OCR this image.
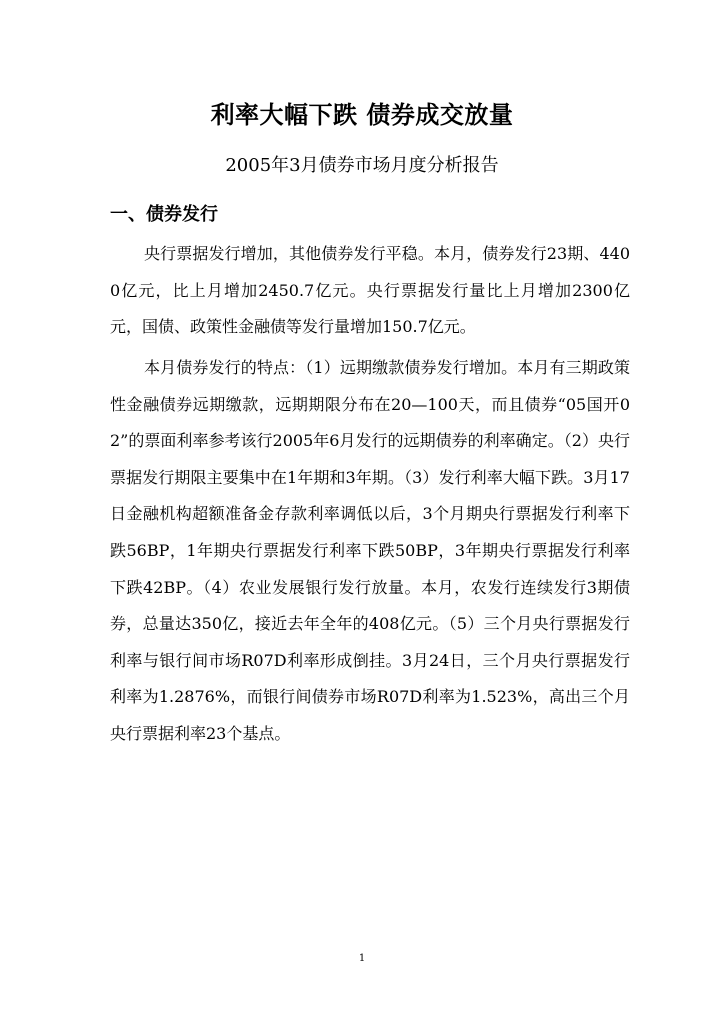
利率大幅下跌 债券成交放量
2005年3月债券市场月度分析报告
一、债券发行
央行票据发行增加，其他债券发行平稳。本月，债券发行23期、4400亿元，比上月增加2450.7亿元。央行票据发行量比上月增加2300亿元，国债、政策性金融债等发行量增加150.7亿元。
本月债券发行的特点：（1）远期缴款债券发行增加。本月有三期政策性金融债券远期缴款，远期期限分布在20—100天，而且债券“05国开02”的票面利率参考该行2005年6月发行的远期债券的利率确定。（2）央行票据发行期限主要集中在1年期和3年期。（3）发行利率大幅下跌。3月17日金融机构超额准备金存款利率调低以后，3个月期央行票据发行利率下跌56BP，1年期央行票据发行利率下跌50BP，3年期央行票据发行利率下跌42BP。（4）农业发展银行发行放量。本月，农发行连续发行3期债券，总量达350亿，接近去年全年的408亿元。（5）三个月央行票据发行利率与银行间市场R07D利率形成倒挂。3月24日，三个月央行票据发行利率为1.2876%，而银行间债券市场R07D利率为1.523%，高出三个月央行票据利率23个基点。
1
